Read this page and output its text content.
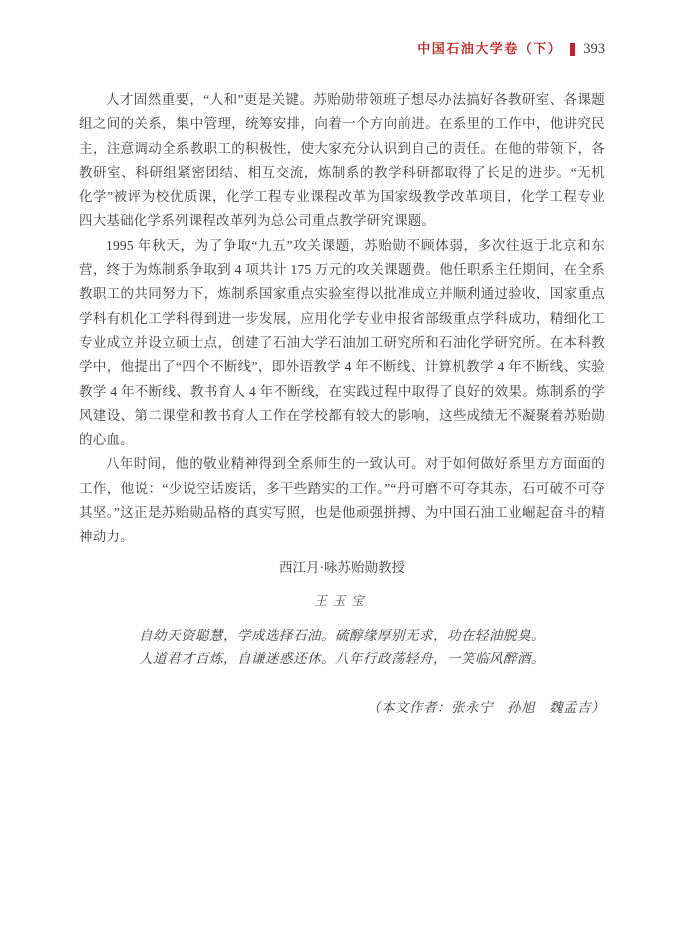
中国石油大学卷（下） 393

人才固然重要，“人和”更是关键。苏贻勋带领班子想尽办法搞好各教研室、各课题组之间的关系，集中管理，统筹安排，向着一个方向前进。在系里的工作中，他讲究民主，注意调动全系教职工的积极性，使大家充分认识到自己的责任。在他的带领下，各教研室、科研组紧密团结、相互交流，炼制系的教学科研都取得了长足的进步。“无机化学”被评为校优质课，化学工程专业课程改革为国家级教学改革项目，化学工程专业四大基础化学系列课程改革列为总公司重点教学研究课题。

1995 年秋天，为了争取“九五”攻关课题，苏贻勋不顾体弱，多次往返于北京和东营，终于为炼制系争取到 4 项共计 175 万元的攻关课题费。他任职系主任期间，在全系教职工的共同努力下，炼制系国家重点实验室得以批准成立并顺利通过验收，国家重点学科有机化工学科得到进一步发展，应用化学专业申报省部级重点学科成功，精细化工专业成立并设立硕士点，创建了石油大学石油加工研究所和石油化学研究所。在本科教学中，他提出了“四个不断线”，即外语教学 4 年不断线、计算机教学 4 年不断线、实验教学 4 年不断线、教书育人 4 年不断线，在实践过程中取得了良好的效果。炼制系的学风建设、第二课堂和教书育人工作在学校都有较大的影响，这些成绩无不凝聚着苏贻勋的心血。

八年时间，他的敬业精神得到全系师生的一致认可。对于如何做好系里方方面面的工作，他说：“少说空话废话，多干些踏实的工作。”“丹可磨不可夺其赤，石可破不可夺其坚。”这正是苏贻勋品格的真实写照，也是他顽强拼搏、为中国石油工业崛起奋斗的精神动力。

西江月·咏苏贻勋教授
王玉宝
自幼天资聪慧，学成选择石油。硫醇缘厚别无求，功在轻油脱臭。
人道君才百炼，自谦迷惑还休。八年行政荡轻舟，一笑临风醉酒。
（本文作者：张永宁　孙旭　魏孟吉）
